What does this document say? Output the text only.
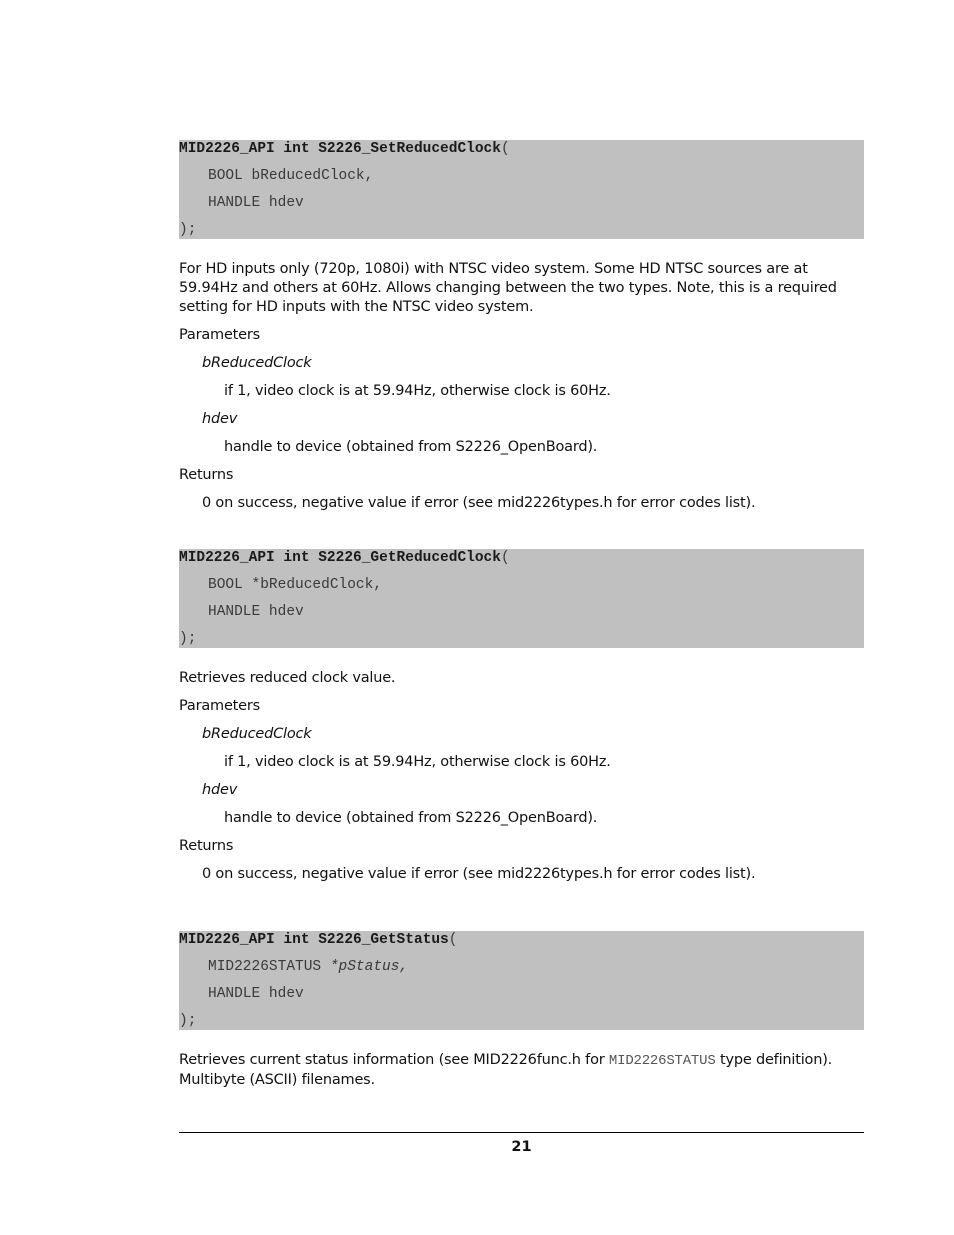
MID2226_API int S2226_SetReducedClock(
BOOL bReducedClock,
HANDLE hdev
);
For HD inputs only (720p, 1080i) with NTSC video system. Some HD NTSC sources are at 59.94Hz and others at 60Hz. Allows changing between the two types. Note, this is a required setting for HD inputs with the NTSC video system.
Parameters
bReducedClock
if 1, video clock is at 59.94Hz, otherwise clock is 60Hz.
hdev
handle to device (obtained from S2226_OpenBoard).
Returns
0 on success, negative value if error (see mid2226types.h for error codes list).
MID2226_API int S2226_GetReducedClock(
BOOL *bReducedClock,
HANDLE hdev
);
Retrieves reduced clock value.
Parameters
bReducedClock
if 1, video clock is at 59.94Hz, otherwise clock is 60Hz.
hdev
handle to device (obtained from S2226_OpenBoard).
Returns
0 on success, negative value if error (see mid2226types.h for error codes list).
MID2226_API int S2226_GetStatus(
MID2226STATUS *pStatus,
HANDLE hdev
);
Retrieves current status information (see MID2226func.h for MID2226STATUS type definition).
Multibyte (ASCII) filenames.
21
